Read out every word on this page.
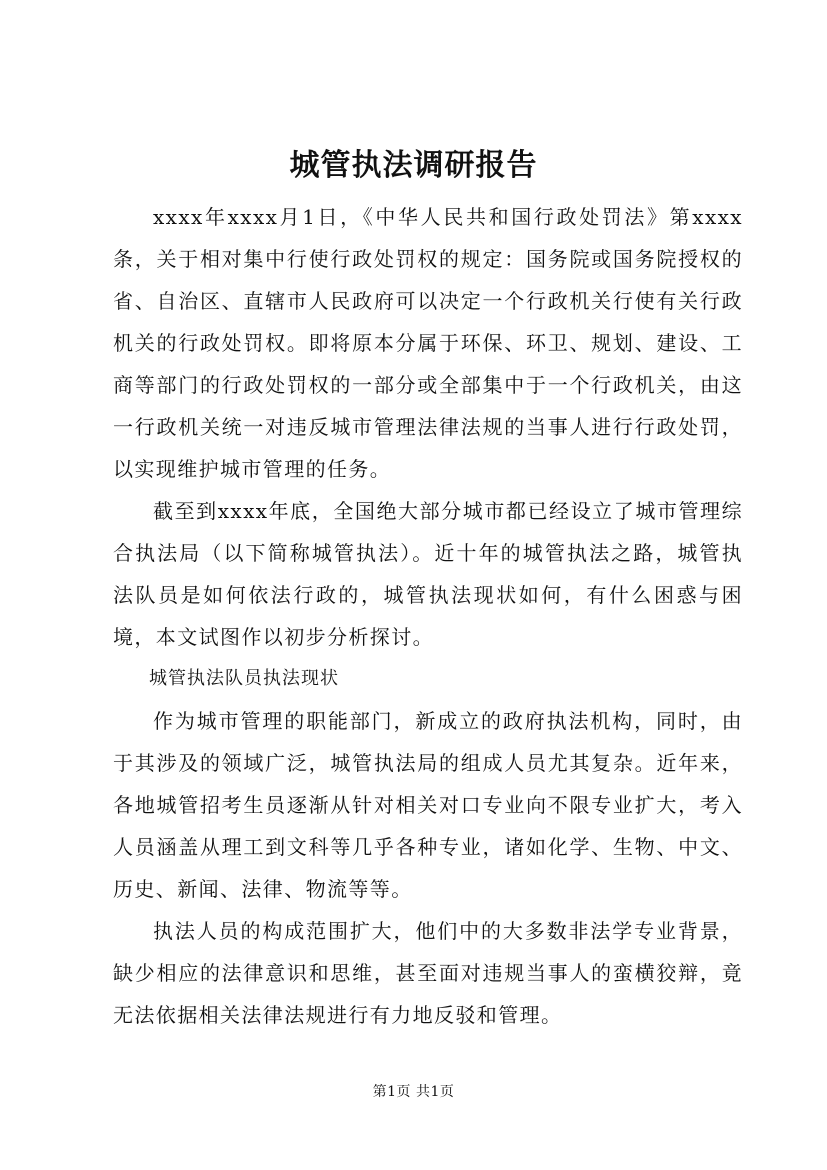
城管执法调研报告

xxxx年xxxx月1日，《中华人民共和国行政处罚法》第xxxx条，关于相对集中行使行政处罚权的规定：国务院或国务院授权的省、自治区、直辖市人民政府可以决定一个行政机关行使有关行政机关的行政处罚权。即将原本分属于环保、环卫、规划、建设、工商等部门的行政处罚权的一部分或全部集中于一个行政机关，由这一行政机关统一对违反城市管理法律法规的当事人进行行政处罚，以实现维护城市管理的任务。

截至到xxxx年底，全国绝大部分城市都已经设立了城市管理综合执法局（以下简称城管执法）。近十年的城管执法之路，城管执法队员是如何依法行政的，城管执法现状如何，有什么困惑与困境，本文试图作以初步分析探讨。

城管执法队员执法现状

作为城市管理的职能部门，新成立的政府执法机构，同时，由于其涉及的领域广泛，城管执法局的组成人员尤其复杂。近年来，各地城管招考生员逐渐从针对相关对口专业向不限专业扩大，考入人员涵盖从理工到文科等几乎各种专业，诸如化学、生物、中文、历史、新闻、法律、物流等等。

执法人员的构成范围扩大，他们中的大多数非法学专业背景，缺少相应的法律意识和思维，甚至面对违规当事人的蛮横狡辩，竟无法依据相关法律法规进行有力地反驳和管理。

第1页 共1页
